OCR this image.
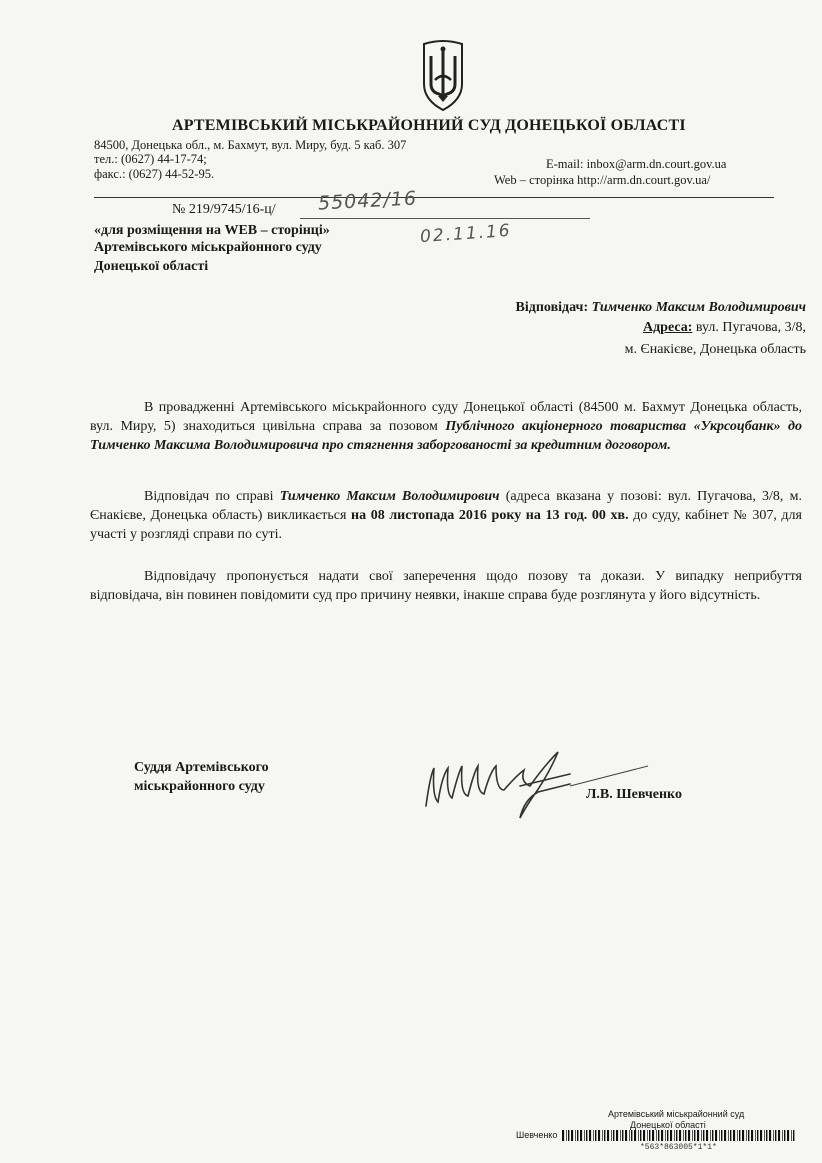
АРТЕМІВСЬКИЙ МІСЬКРАЙОННИЙ СУД ДОНЕЦЬКОЇ ОБЛАСТІ
84500, Донецька обл., м. Бахмут, вул. Миру, буд. 5 каб. 307
тел.: (0627) 44-17-74;
факс.: (0627) 44-52-95.
E-mail: inbox@arm.dn.court.gov.ua
Web – сторінка http://arm.dn.court.gov.ua/
№ 219/9745/16-ц/ 55042/16
02.11.16
«для розміщення на WEB – сторінці»
Артемівського міськрайонного суду
Донецької області
Відповідач: Тимченко Максим Володимирович
Адреса: вул. Пугачова, 3/8,
м. Єнакієве, Донецька область
В провадженні Артемівського міськрайонного суду Донецької області (84500 м. Бахмут Донецька область, вул. Миру, 5) знаходиться цивільна справа за позовом Публічного акціонерного товариства «Укрсоцбанк» до Тимченко Максима Володимировича про стягнення заборгованості за кредитним договором.
Відповідач по справі Тимченко Максим Володимирович (адреса вказана у позові: вул. Пугачова, 3/8, м. Єнакієве, Донецька область) викликається на 08 листопада 2016 року на 13 год. 00 хв. до суду, кабінет № 307, для участі у розгляді справи по суті.
Відповідачу пропонується надати свої заперечення щодо позову та докази. У випадку неприбуття відповідача, він повинен повідомити суд про причину неявки, інакше справа буде розглянута у його відсутність.
Суддя Артемівського
міськрайонного суду
Л.В. Шевченко
Артемівський міськрайонний суд
Донецької області
Шевченко
*563*863005*1*1*
